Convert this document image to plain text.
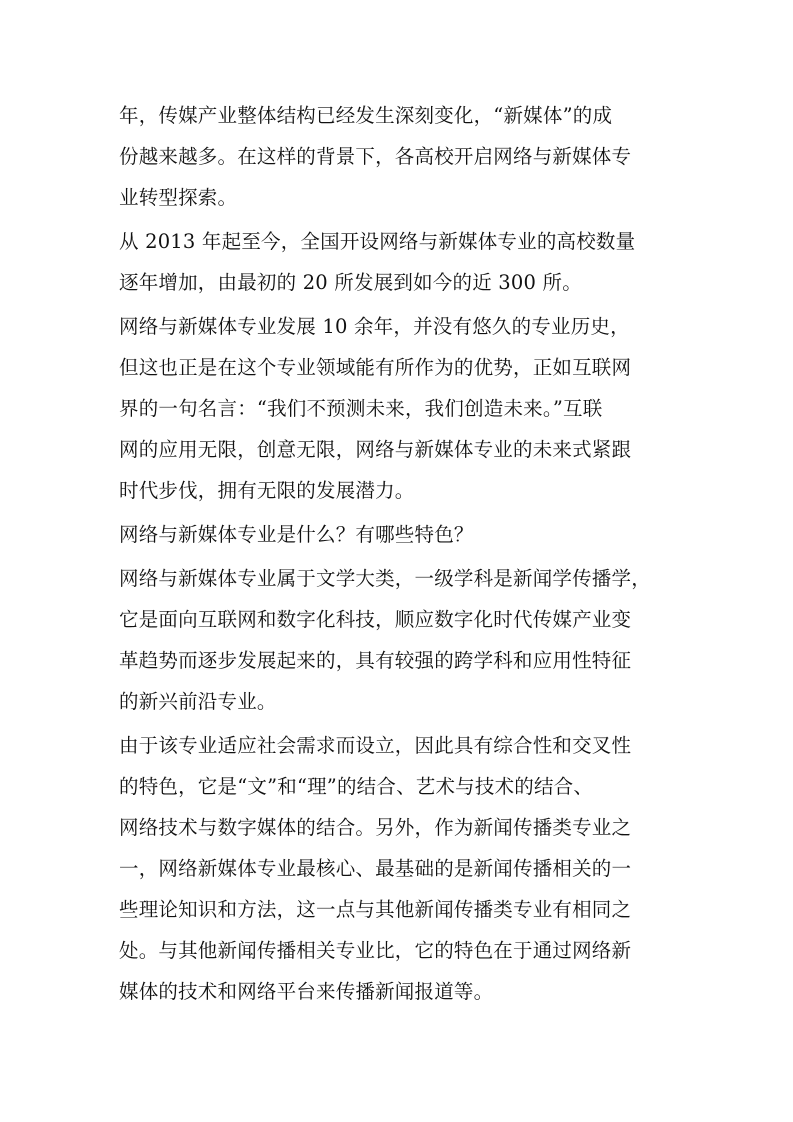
年，传媒产业整体结构已经发生深刻变化，“新媒体”的成

份越来越多。在这样的背景下，各高校开启网络与新媒体专

业转型探索。

从 2013 年起至今，全国开设网络与新媒体专业的高校数量

逐年增加，由最初的 20 所发展到如今的近 300 所。

网络与新媒体专业发展 10 余年，并没有悠久的专业历史，

但这也正是在这个专业领域能有所作为的优势，正如互联网

界的一句名言：“我们不预测未来，我们创造未来。”互联

网的应用无限，创意无限，网络与新媒体专业的未来式紧跟

时代步伐，拥有无限的发展潜力。

网络与新媒体专业是什么？有哪些特色？

网络与新媒体专业属于文学大类，一级学科是新闻学传播学，

它是面向互联网和数字化科技，顺应数字化时代传媒产业变

革趋势而逐步发展起来的，具有较强的跨学科和应用性特征

的新兴前沿专业。

由于该专业适应社会需求而设立，因此具有综合性和交叉性

的特色，它是“文”和“理”的结合、艺术与技术的结合、

网络技术与数字媒体的结合。另外，作为新闻传播类专业之

一，网络新媒体专业最核心、最基础的是新闻传播相关的一

些理论知识和方法，这一点与其他新闻传播类专业有相同之

处。与其他新闻传播相关专业比，它的特色在于通过网络新

媒体的技术和网络平台来传播新闻报道等。
